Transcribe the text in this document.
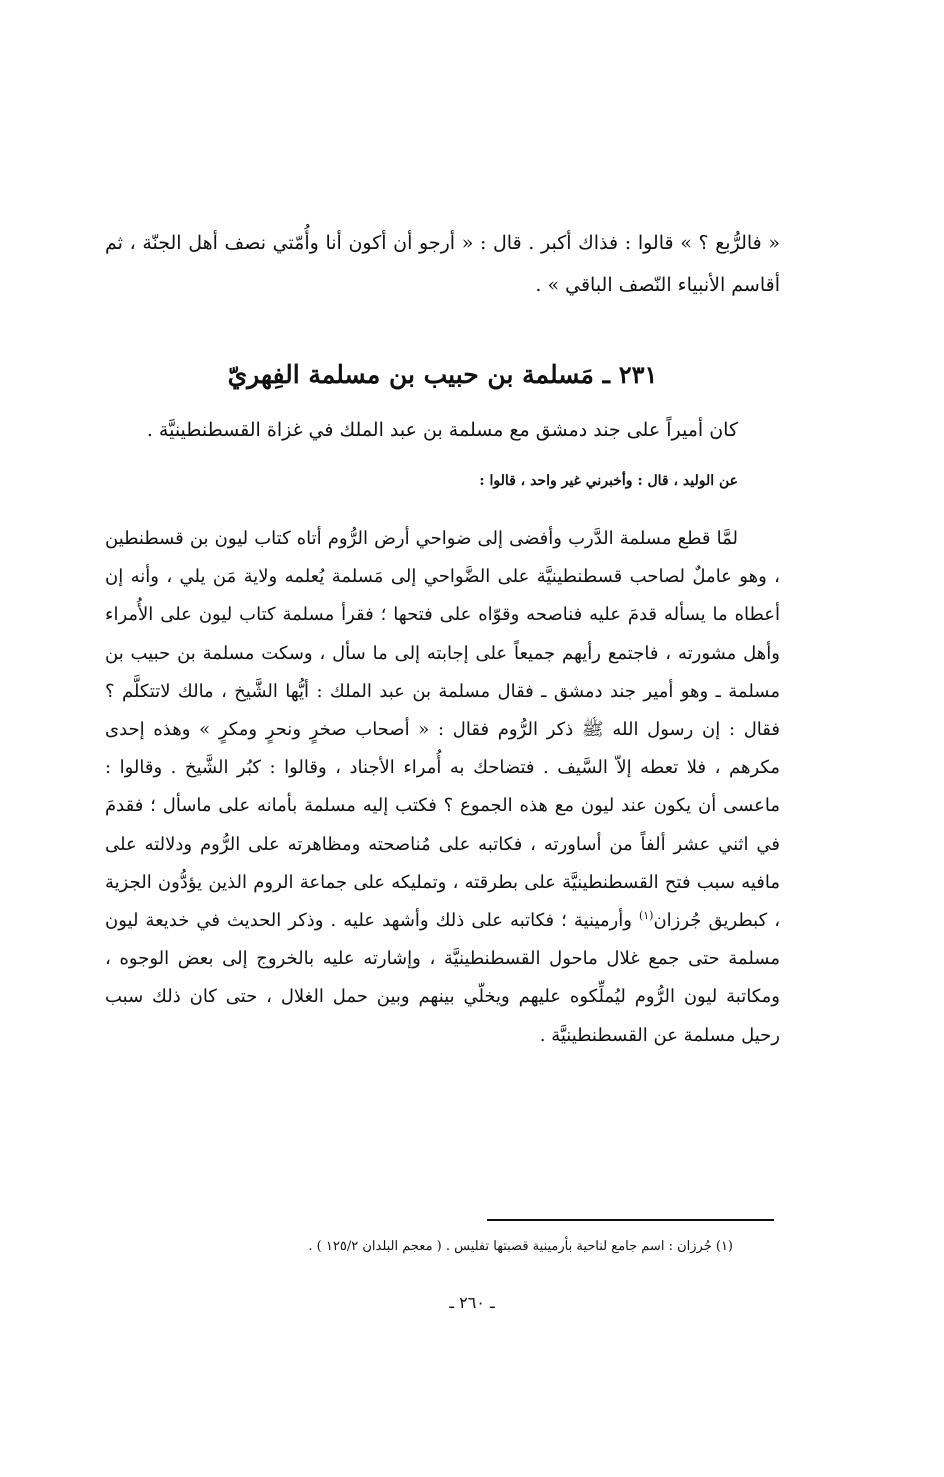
« فالرُّبع ؟ » قالوا : فذاك أكبر . قال : « أرجو أن أكون أنا وأُمّتي نصف أهل الجنّة ، ثم أقاسم الأنبياء النّصف الباقي » .

٢٣١ ـ مَسلمة بن حبيب بن مسلمة الفِهريّ

كان أميراً على جند دمشق مع مسلمة بن عبد الملك في غزاة القسطنطينيَّة .

عن الوليد ، قال : وأخبرني غير واحد ، قالوا :

لمَّا قطع مسلمة الدَّرب وأفضى إلى ضواحي أرض الرُّوم أتاه كتاب ليون بن قسطنطين ، وهو عاملٌ لصاحب قسطنطينيَّة على الضَّواحي إلى مَسلمة يُعلمه ولاية مَن يلي ، وأنه إن أعطاه ما يسأله قدمَ عليه فناصحه وقوّاه على فتحها ؛ فقرأ مسلمة كتاب ليون على الأُمراء وأهل مشورته ، فاجتمع رأيهم جميعاً على إجابته إلى ما سأل ، وسكت مسلمة بن حبيب بن مسلمة ـ وهو أمير جند دمشق ـ فقال مسلمة بن عبد الملك : أيُّها الشَّيخ ، مالك لاتتكلَّم ؟ فقال : إن رسول الله ﷺ ذكر الرُّوم فقال : « أصحاب صخرٍ ونحرٍ ومكرٍ » وهذه إحدى مكرهم ، فلا تعطه إلاّ السَّيف . فتضاحك به أُمراء الأجناد ، وقالوا : كبُر الشَّيخ . وقالوا : ماعسى أن يكون عند ليون مع هذه الجموع ؟ فكتب إليه مسلمة بأمانه على ماسأل ؛ فقدمَ في اثني عشر ألفاً من أساورته ، فكاتبه على مُناصحته ومظاهرته على الرُّوم ودلالته على مافيه سبب فتح القسطنطينيَّة على بطرقته ، وتمليكه على جماعة الروم الذين يؤدُّون الجزية ، كبطريق جُرزان$^{(١)}$ وأرمينية ؛ فكاتبه على ذلك وأشهد عليه . وذكر الحديث في خديعة ليون مسلمة حتى جمع غلال ماحول القسطنطينيَّة ، وإشارته عليه بالخروج إلى بعض الوجوه ، ومكاتبة ليون الرُّوم ليُملِّكوه عليهم ويخلّي بينهم وبين حمل الغلال ، حتى كان ذلك سبب رحيل مسلمة عن القسطنطينيَّة .

(١) جُرزان : اسم جامع لناحية بأرمينية قصبتها تفليس . ( معجم البلدان ١٢٥/٢ ) .

ـ ٢٦٠ ـ
